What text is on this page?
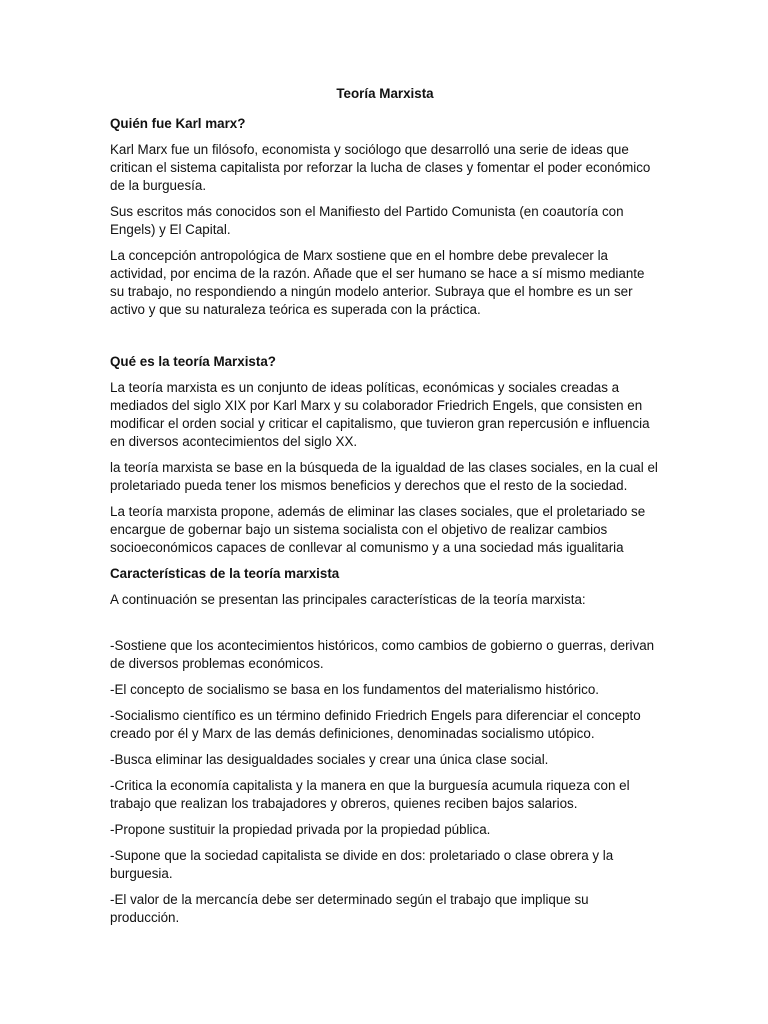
Teoría Marxista
Quién fue Karl marx?

Karl Marx fue un filósofo, economista y sociólogo que desarrolló una serie de ideas que critican el sistema capitalista por reforzar la lucha de clases y fomentar el poder económico de la burguesía.

Sus escritos más conocidos son el Manifiesto del Partido Comunista (en coautoría con Engels) y El Capital.

La concepción antropológica de Marx sostiene que en el hombre debe prevalecer la actividad, por encima de la razón. Añade que el ser humano se hace a sí mismo mediante su trabajo, no respondiendo a ningún modelo anterior. Subraya que el hombre es un ser activo y que su naturaleza teórica es superada con la práctica.

Qué es la teoría Marxista?

La teoría marxista es un conjunto de ideas políticas, económicas y sociales creadas a mediados del siglo XIX por Karl Marx y su colaborador Friedrich Engels, que consisten en modificar el orden social y criticar el capitalismo, que tuvieron gran repercusión e influencia en diversos acontecimientos del siglo XX.

la teoría marxista se base en la búsqueda de la igualdad de las clases sociales, en la cual el proletariado pueda tener los mismos beneficios y derechos que el resto de la sociedad.

La teoría marxista propone, además de eliminar las clases sociales, que el proletariado se encargue de gobernar bajo un sistema socialista con el objetivo de realizar cambios socioeconómicos capaces de conllevar al comunismo y a una sociedad más igualitaria

Características de la teoría marxista

A continuación se presentan las principales características de la teoría marxista:

-Sostiene que los acontecimientos históricos, como cambios de gobierno o guerras, derivan de diversos problemas económicos.

-El concepto de socialismo se basa en los fundamentos del materialismo histórico.

-Socialismo científico es un término definido Friedrich Engels para diferenciar el concepto creado por él y Marx de las demás definiciones, denominadas socialismo utópico.

-Busca eliminar las desigualdades sociales y crear una única clase social.

-Critica la economía capitalista y la manera en que la burguesía acumula riqueza con el trabajo que realizan los trabajadores y obreros, quienes reciben bajos salarios.

-Propone sustituir la propiedad privada por la propiedad pública.

-Supone que la sociedad capitalista se divide en dos: proletariado o clase obrera y la burguesia.

-El valor de la mercancía debe ser determinado según el trabajo que implique su producción.
